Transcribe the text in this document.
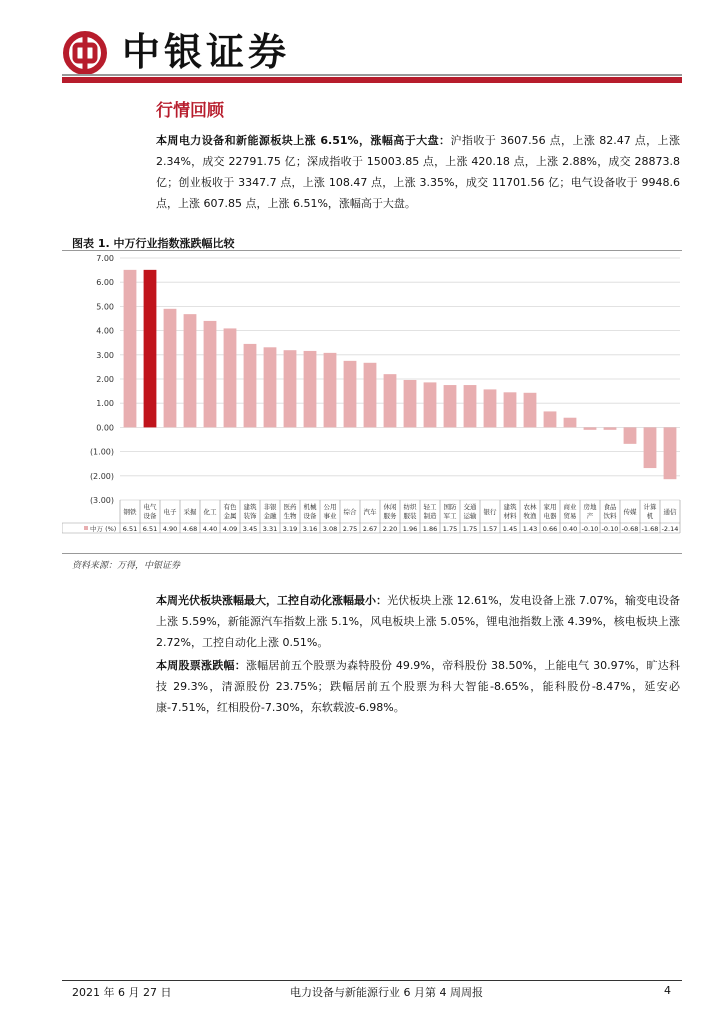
中银证券
行情回顾
本周电力设备和新能源板块上涨 6.51%，涨幅高于大盘：沪指收于 3607.56 点，上涨 82.47 点，上涨 2.34%，成交 22791.75 亿；深成指收于 15003.85 点，上涨 420.18 点，上涨 2.88%，成交 28873.8 亿；创业板收于 3347.7 点，上涨 108.47 点，上涨 3.35%，成交 11701.56 亿；电气设备收于 9948.6 点，上涨 607.85 点，上涨 6.51%，涨幅高于大盘。
图表 1. 中万行业指数涨跌幅比较
7.00
6.00
5.00
4.00
3.00
2.00
1.00
0.00
(1.00)
(2.00)
(3.00)
中万 (%)
钢铁
6.51
电气
设备
6.51
电子
4.90
采掘
4.68
化工
4.40
有色
金属
4.09
建筑
装饰
3.45
非银
金融
3.31
医药
生物
3.19
机械
设备
3.16
公用
事业
3.08
综合
2.75
汽车
2.67
休闲
服务
2.20
纺织
服装
1.96
轻工
制造
1.86
国防
军工
1.75
交通
运输
1.75
银行
1.57
建筑
材料
1.45
农林
牧渔
1.43
家用
电器
0.66
商业
贸易
0.40
房地
产
-0.10
食品
饮料
-0.10
传媒
-0.68
计算
机
-1.68
通信
-2.14
资料来源：万得，中银证券
本周光伏板块涨幅最大，工控自动化涨幅最小：光伏板块上涨 12.61%，发电设备上涨 7.07%，输变电设备上涨 5.59%，新能源汽车指数上涨 5.1%，风电板块上涨 5.05%，锂电池指数上涨 4.39%，核电板块上涨 2.72%，工控自动化上涨 0.51%。
本周股票涨跌幅：涨幅居前五个股票为森特股份 49.9%，帝科股份 38.50%，上能电气 30.97%，旷达科技 29.3%，清源股份 23.75%；跌幅居前五个股票为科大智能-8.65%，能科股份-8.47%，延安必康-7.51%，红相股份-7.30%，东软载波-6.98%。
2021 年 6 月 27 日	电力设备与新能源行业 6 月第 4 周周报	4
